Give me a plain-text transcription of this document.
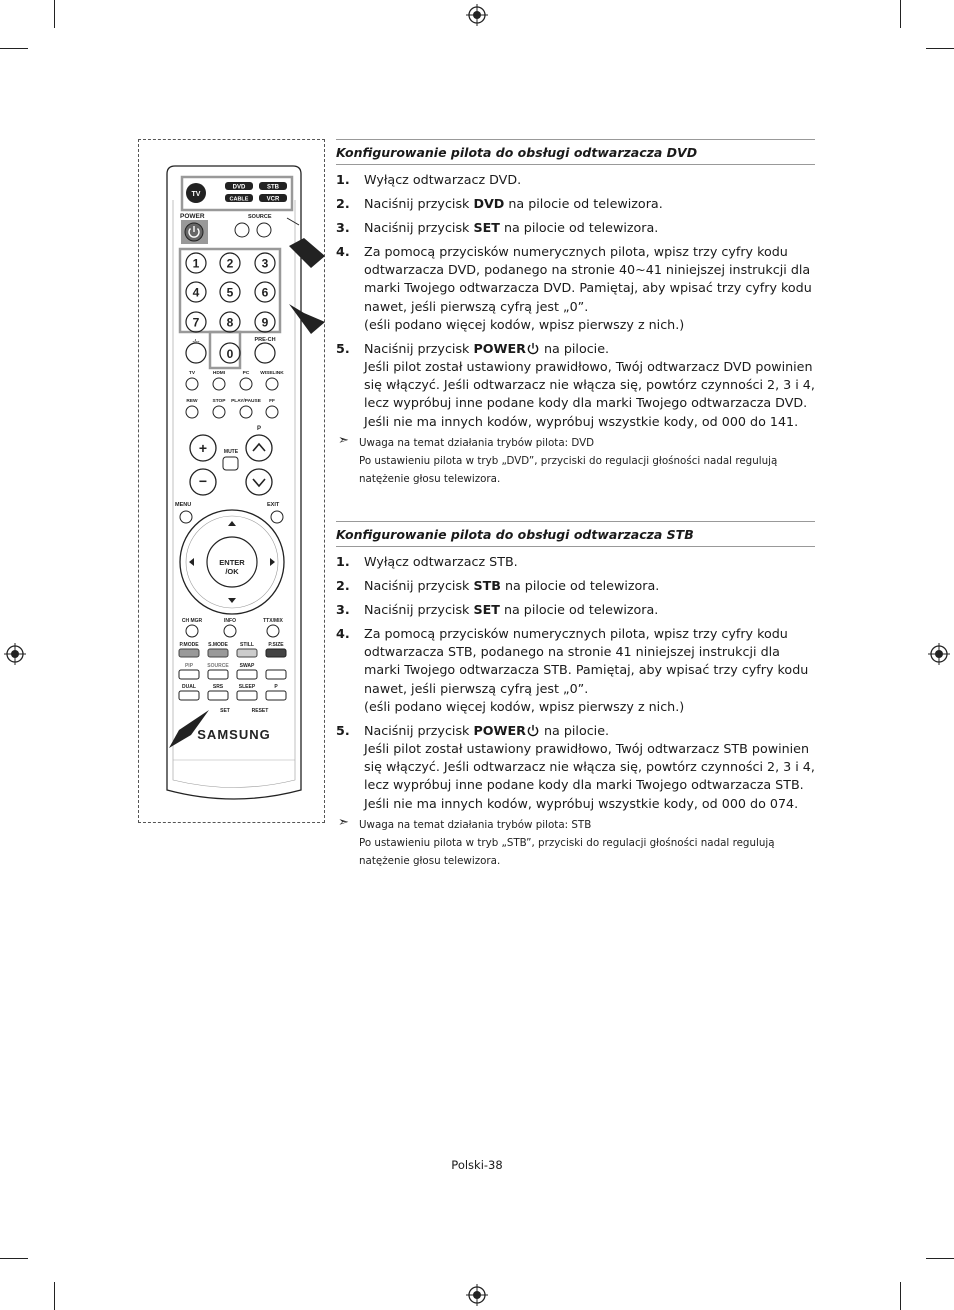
TV
DVD	STB
CABLE	VCR
POWER	SOURCE
1 2 3
4 5 6
7 8 9
-/--
0
PRE-CH
TV	HDMI	PC WISELINK
REW	STOP PLAY/PAUSE FF
+
−
MUTE
P
MENU	EXIT
ENTER
/OK
CH MGR	INFO	TTX/MIX
P.MODE S.MODE STILL	P.SIZE
PIP	SOURCE SWAP
DUAL	SRS	SLEEP	P
SET	RESET
SAMSUNG
Konfigurowanie pilota do obsługi odtwarzacza DVD
1. Wyłącz odtwarzacz DVD.
2. Naciśnij przycisk DVD na pilocie od telewizora.
3. Naciśnij przycisk SET na pilocie od telewizora.
4. Za pomocą przycisków numerycznych pilota, wpisz trzy cyfry kodu odtwarzacza DVD, podanego na stronie 40~41 niniejszej instrukcji dla marki Twojego odtwarzacza DVD. Pamiętaj, aby wpisać trzy cyfry kodu nawet, jeśli pierwszą cyfrą jest „0”.
(eśli podano więcej kodów, wpisz pierwszy z nich.)
5. Naciśnij przycisk POWER na pilocie.
Jeśli pilot został ustawiony prawidłowo, Twój odtwarzacz DVD powinien się włączyć. Jeśli odtwarzacz nie włącza się, powtórz czynności 2, 3 i 4, lecz wypróbuj inne podane kody dla marki Twojego odtwarzacza DVD. Jeśli nie ma innych kodów, wypróbuj wszystkie kody, od 000 do 141.
➣ Uwaga na temat działania trybów pilota: DVD
Po ustawieniu pilota w tryb „DVD”, przyciski do regulacji głośności nadal regulują natężenie głosu telewizora.
Konfigurowanie pilota do obsługi odtwarzacza STB
1. Wyłącz odtwarzacz STB.
2. Naciśnij przycisk STB na pilocie od telewizora.
3. Naciśnij przycisk SET na pilocie od telewizora.
4. Za pomocą przycisków numerycznych pilota, wpisz trzy cyfry kodu odtwarzacza STB, podanego na stronie 41 niniejszej instrukcji dla marki Twojego odtwarzacza STB. Pamiętaj, aby wpisać trzy cyfry kodu nawet, jeśli pierwszą cyfrą jest „0”.
(eśli podano więcej kodów, wpisz pierwszy z nich.)
5. Naciśnij przycisk POWER na pilocie.
Jeśli pilot został ustawiony prawidłowo, Twój odtwarzacz STB powinien się włączyć. Jeśli odtwarzacz nie włącza się, powtórz czynności 2, 3 i 4, lecz wypróbuj inne podane kody dla marki Twojego odtwarzacza STB. Jeśli nie ma innych kodów, wypróbuj wszystkie kody, od 000 do 074.
➣ Uwaga na temat działania trybów pilota: STB
Po ustawieniu pilota w tryb „STB”, przyciski do regulacji głośności nadal regulują natężenie głosu telewizora.
Polski-38
